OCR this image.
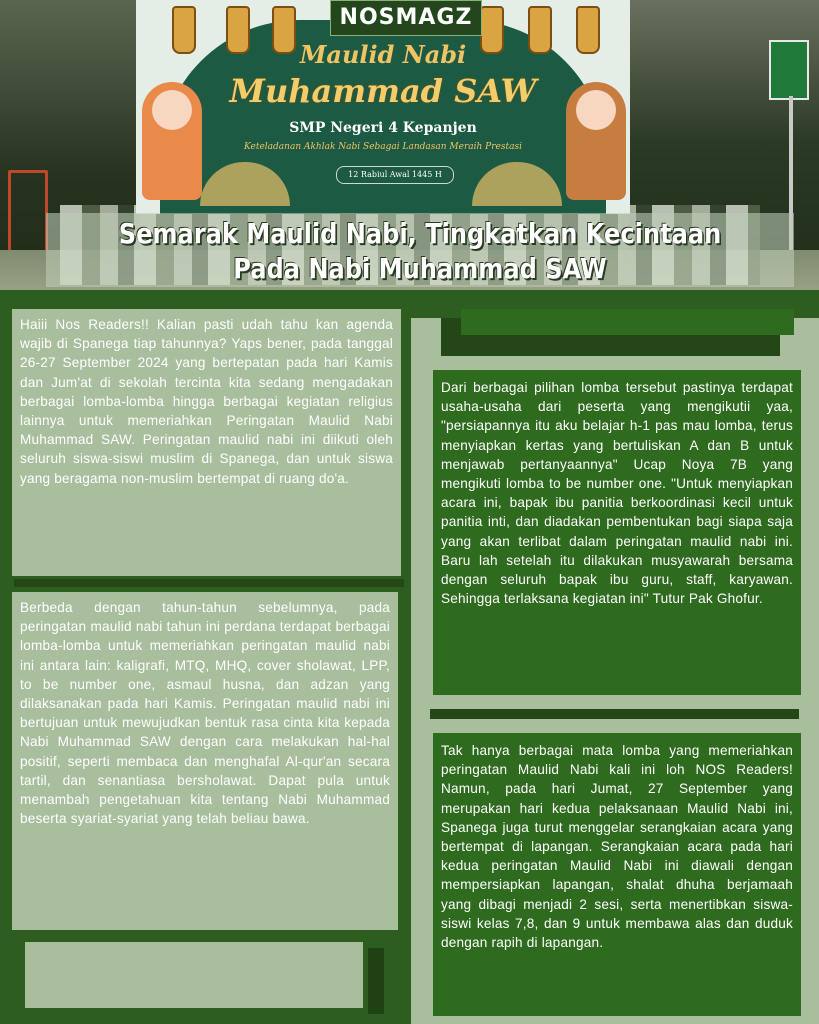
Maulid Nabi
Muhammad SAW
SMP Negeri 4 Kepanjen
Keteladanan Akhlak Nabi Sebagai Landasan Meraih Prestasi
12 Rabiul Awal 1445 H
NOSMAGZ
Semarak Maulid Nabi, Tingkatkan Kecintaan
Pada Nabi Muhammad SAW
Haiii Nos Readers!! Kalian pasti udah tahu kan agenda wajib di Spanega tiap tahunnya? Yaps bener, pada tanggal 26-27 September 2024 yang bertepatan pada hari Kamis dan Jum'at di sekolah tercinta kita sedang mengadakan berbagai lomba-lomba hingga berbagai kegiatan religius lainnya untuk memeriahkan Peringatan Maulid Nabi Muhammad SAW. Peringatan maulid nabi ini diikuti oleh seluruh siswa-siswi muslim di Spanega, dan untuk siswa yang beragama non-muslim bertempat di ruang do'a.
Berbeda dengan tahun-tahun sebelumnya, pada peringatan maulid nabi tahun ini perdana terdapat berbagai lomba-lomba untuk memeriahkan peringatan maulid nabi ini antara lain: kaligrafi, MTQ, MHQ, cover sholawat, LPP, to be number one, asmaul husna, dan adzan yang dilaksanakan pada hari Kamis. Peringatan maulid nabi ini bertujuan untuk mewujudkan bentuk rasa cinta kita kepada Nabi Muhammad SAW dengan cara melakukan hal-hal positif, seperti membaca dan menghafal Al-qur'an secara tartil, dan senantiasa bersholawat. Dapat pula untuk menambah pengetahuan kita tentang Nabi Muhammad beserta syariat-syariat yang telah beliau bawa.
Dari berbagai pilihan lomba tersebut pastinya terdapat usaha-usaha dari peserta yang mengikutii yaa, "persiapannya itu aku belajar h-1 pas mau lomba, terus menyiapkan kertas yang bertuliskan A dan B untuk menjawab pertanyaannya" Ucap Noya 7B yang mengikuti lomba to be number one. "Untuk menyiapkan acara ini, bapak ibu panitia berkoordinasi kecil untuk panitia inti, dan diadakan pembentukan bagi siapa saja yang akan terlibat dalam peringatan maulid nabi ini. Baru lah setelah itu dilakukan musyawarah bersama dengan seluruh bapak ibu guru, staff, karyawan. Sehingga terlaksana kegiatan ini" Tutur Pak Ghofur.
Tak hanya berbagai mata lomba yang memeriahkan peringatan Maulid Nabi kali ini loh NOS Readers! Namun, pada hari Jumat, 27 September yang merupakan hari kedua pelaksanaan Maulid Nabi ini, Spanega juga turut menggelar serangkaian acara yang bertempat di lapangan. Serangkaian acara pada hari kedua peringatan Maulid Nabi ini diawali dengan mempersiapkan lapangan, shalat dhuha berjamaah yang dibagi menjadi 2 sesi, serta menertibkan siswa-siswi kelas 7,8, dan 9 untuk membawa alas dan duduk dengan rapih di lapangan.
